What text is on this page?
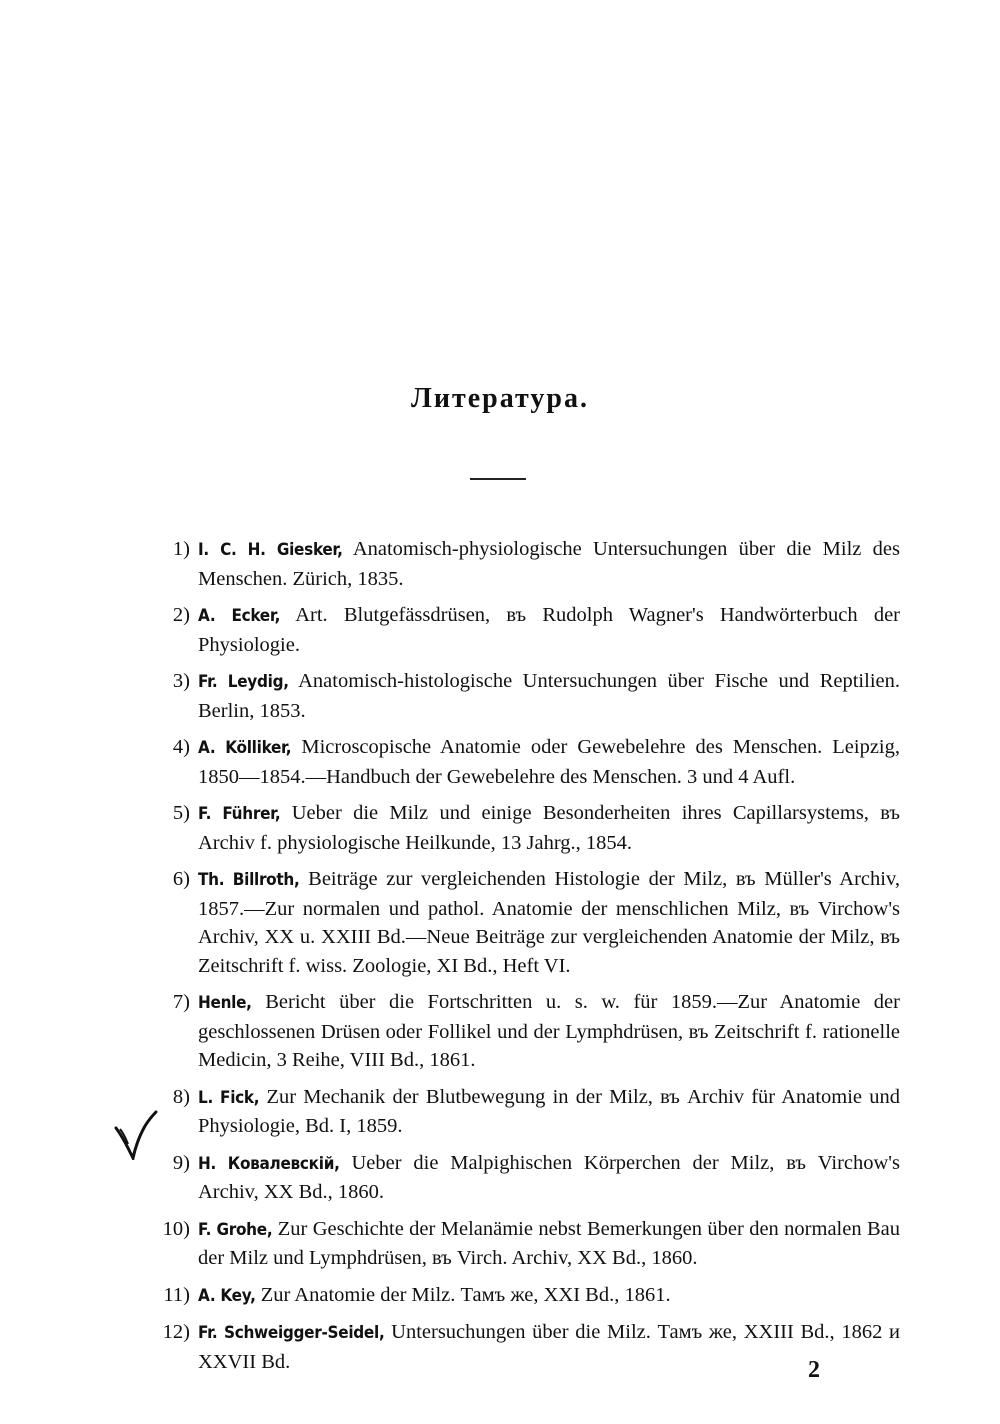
Литература.
1) I. C. H. Giesker, Anatomisch-physiologische Untersuchungen über die Milz des Menschen. Zürich, 1835.
2) A. Ecker, Art. Blutgefässdrüsen, въ Rudolph Wagner's Handwörterbuch der Physiologie.
3) Fr. Leydig, Anatomisch-histologische Untersuchungen über Fische und Reptilien. Berlin, 1853.
4) A. Kölliker, Microscopische Anatomie oder Gewebelehre des Menschen. Leipzig, 1850—1854.—Handbuch der Gewebelehre des Menschen. 3 und 4 Aufl.
5) F. Führer, Ueber die Milz und einige Besonderheiten ihres Capillarsystems, въ Archiv f. physiologische Heilkunde, 13 Jahrg., 1854.
6) Th. Billroth, Beiträge zur vergleichenden Histologie der Milz, въ Müller's Archiv, 1857.—Zur normalen und pathol. Anatomie der menschlichen Milz, въ Virchow's Archiv, XX u. XXIII Bd.—Neue Beiträge zur vergleichenden Anatomie der Milz, въ Zeitschrift f. wiss. Zoologie, XI Bd., Heft VI.
7) Henle, Bericht über die Fortschritten u. s. w. für 1859.—Zur Anatomie der geschlossenen Drüsen oder Follikel und der Lymphdrüsen, въ Zeitschrift f. rationelle Medicin, 3 Reihe, VIII Bd., 1861.
8) L. Fick, Zur Mechanik der Blutbewegung in der Milz, въ Archiv für Anatomie und Physiologie, Bd. I, 1859.
9) H. Ковалевскій, Ueber die Malpighischen Körperchen der Milz, въ Virchow's Archiv, XX Bd., 1860.
10) F. Grohe, Zur Geschichte der Melanämie nebst Bemerkungen über den normalen Bau der Milz und Lymphdrüsen, въ Virch. Archiv, XX Bd., 1860.
11) A. Key, Zur Anatomie der Milz. Тамъ же, XXI Bd., 1861.
12) Fr. Schweigger-Seidel, Untersuchungen über die Milz. Тамъ же, XXIII Bd., 1862 и XXVII Bd.	2
